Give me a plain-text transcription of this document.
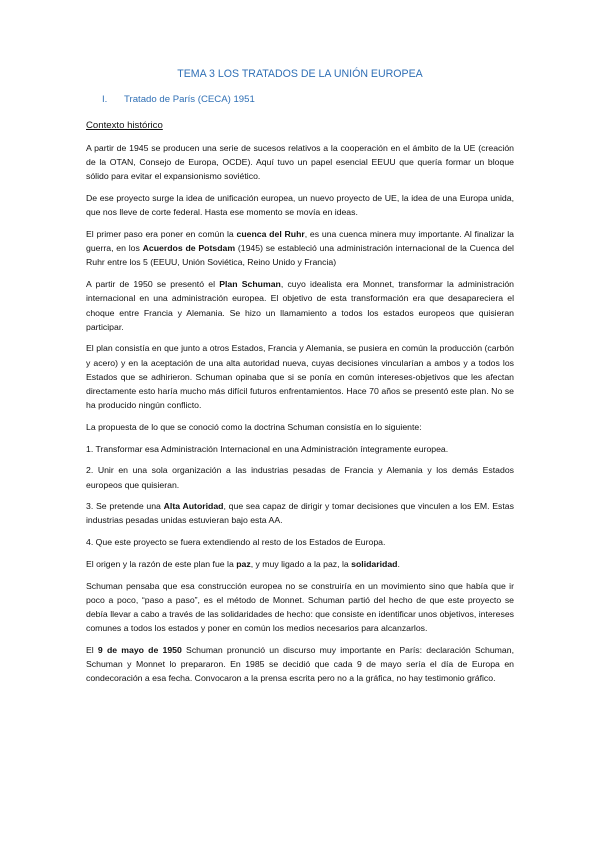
TEMA 3 LOS TRATADOS DE LA UNIÓN EUROPEA
I.	Tratado de París (CECA) 1951
Contexto histórico

A partir de 1945 se producen una serie de sucesos relativos a la cooperación en el ámbito de la UE (creación de la OTAN, Consejo de Europa, OCDE). Aquí tuvo un papel esencial EEUU que quería formar un bloque sólido para evitar el expansionismo soviético.

De ese proyecto surge la idea de unificación europea, un nuevo proyecto de UE, la idea de una Europa unida, que nos lleve de corte federal. Hasta ese momento se movía en ideas.

El primer paso era poner en común la cuenca del Ruhr, es una cuenca minera muy importante. Al finalizar la guerra, en los Acuerdos de Potsdam (1945) se estableció una administración internacional de la Cuenca del Ruhr entre los 5 (EEUU, Unión Soviética, Reino Unido y Francia)

A partir de 1950 se presentó el Plan Schuman, cuyo idealista era Monnet, transformar la administración internacional en una administración europea. El objetivo de esta transformación era que desapareciera el choque entre Francia y Alemania. Se hizo un llamamiento a todos los estados europeos que quisieran participar.

El plan consistía en que junto a otros Estados, Francia y Alemania, se pusiera en común la producción (carbón y acero) y en la aceptación de una alta autoridad nueva, cuyas decisiones vincularían a ambos y a todos los Estados que se adhirieron. Schuman opinaba que si se ponía en común intereses-objetivos que les afectan directamente esto haría mucho más difícil futuros enfrentamientos. Hace 70 años se presentó este plan. No se ha producido ningún conflicto.

La propuesta de lo que se conoció como la doctrina Schuman consistía en lo siguiente:

1. Transformar esa Administración Internacional en una Administración íntegramente europea.

2. Unir en una sola organización a las industrias pesadas de Francia y Alemania y los demás Estados europeos que quisieran.

3. Se pretende una Alta Autoridad, que sea capaz de dirigir y tomar decisiones que vinculen a los EM. Estas industrias pesadas unidas estuvieran bajo esta AA.

4. Que este proyecto se fuera extendiendo al resto de los Estados de Europa.

El origen y la razón de este plan fue la paz, y muy ligado a la paz, la solidaridad.

Schuman pensaba que esa construcción europea no se construiría en un movimiento sino que había que ir poco a poco, “paso a paso”, es el método de Monnet. Schuman partió del hecho de que este proyecto se debía llevar a cabo a través de las solidaridades de hecho: que consiste en identificar unos objetivos, intereses comunes a todos los estados y poner en común los medios necesarios para alcanzarlos.

El 9 de mayo de 1950 Schuman pronunció un discurso muy importante en París: declaración Schuman, Schuman y Monnet lo prepararon. En 1985 se decidió que cada 9 de mayo sería el día de Europa en condecoración a esa fecha. Convocaron a la prensa escrita pero no a la gráfica, no hay testimonio gráfico.
